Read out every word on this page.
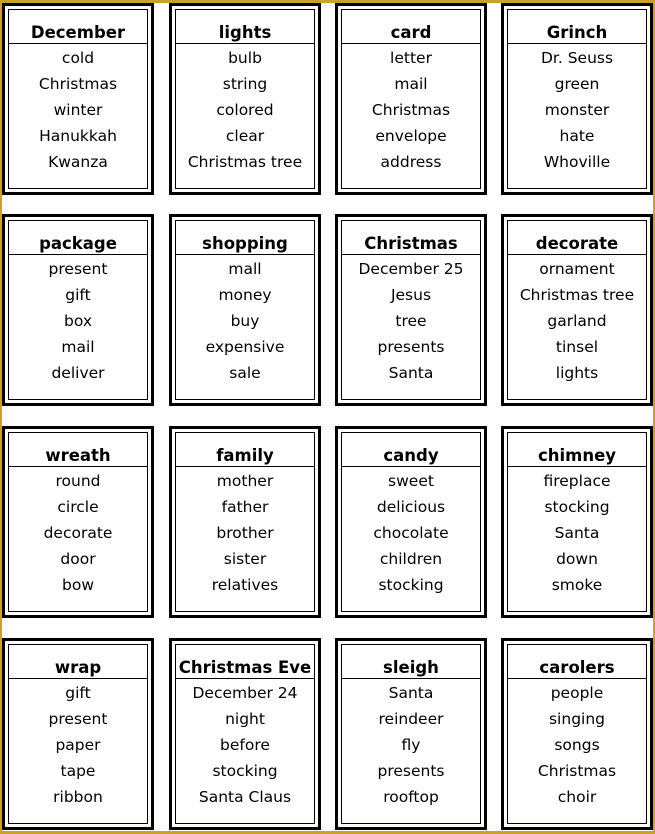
December
cold
Christmas
winter
Hanukkah
Kwanza
lights
bulb
string
colored
clear
Christmas tree
card
letter
mail
Christmas
envelope
address
Grinch
Dr. Seuss
green
monster
hate
Whoville
package
present
gift
box
mail
deliver
shopping
mall
money
buy
expensive
sale
Christmas
December 25
Jesus
tree
presents
Santa
decorate
ornament
Christmas tree
garland
tinsel
lights
wreath
round
circle
decorate
door
bow
family
mother
father
brother
sister
relatives
candy
sweet
delicious
chocolate
children
stocking
chimney
fireplace
stocking
Santa
down
smoke
wrap
gift
present
paper
tape
ribbon
Christmas Eve
December 24
night
before
stocking
Santa Claus
sleigh
Santa
reindeer
fly
presents
rooftop
carolers
people
singing
songs
Christmas
choir
